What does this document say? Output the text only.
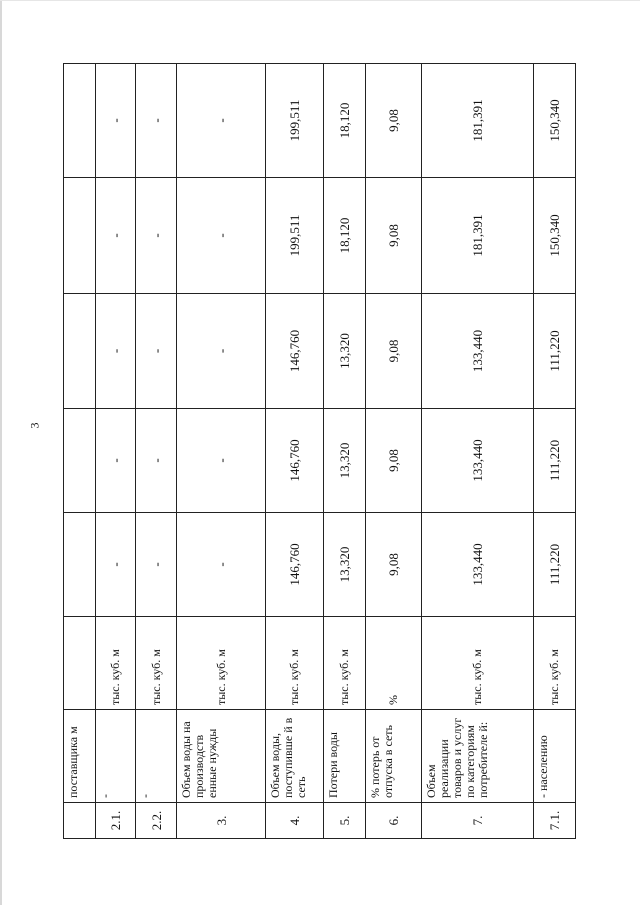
3
	поставщика м						
2.1.	-	тыс. куб. м	-	-	-	-	-
2.2.	-	тыс. куб. м	-	-	-	-	-
3.	Объем воды на производств енные нужды	тыс. куб. м	-	-	-	-	-
4.	Объем воды, поступивше й в сеть	тыс. куб. м	146,760	146,760	146,760	199,511	199,511
5.	Потери воды	тыс. куб. м	13,320	13,320	13,320	18,120	18,120
6.	% потерь от отпуска в сеть	%	9,08	9,08	9,08	9,08	9,08
7.	Объем реализации товаров и услуг по категориям потребителе й:	тыс. куб. м	133,440	133,440	133,440	181,391	181,391
7.1.	- населению	тыс. куб. м	111,220	111,220	111,220	150,340	150,340
